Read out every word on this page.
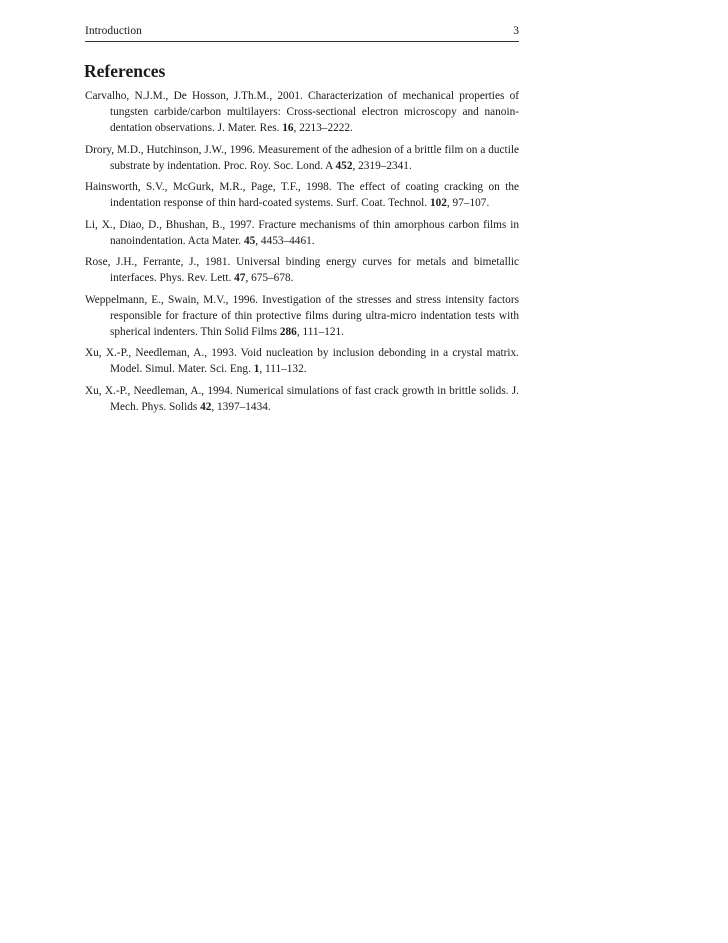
Introduction	3
References
Carvalho, N.J.M., De Hosson, J.Th.M., 2001. Characterization of mechanical properties of tungsten carbide/carbon multilayers: Cross-sectional electron microscopy and nanoindentation observations. J. Mater. Res. 16, 2213–2222.
Drory, M.D., Hutchinson, J.W., 1996. Measurement of the adhesion of a brittle film on a ductile substrate by indentation. Proc. Roy. Soc. Lond. A 452, 2319–2341.
Hainsworth, S.V., McGurk, M.R., Page, T.F., 1998. The effect of coating cracking on the indentation response of thin hard-coated systems. Surf. Coat. Technol. 102, 97–107.
Li, X., Diao, D., Bhushan, B., 1997. Fracture mechanisms of thin amorphous carbon films in nanoindentation. Acta Mater. 45, 4453–4461.
Rose, J.H., Ferrante, J., 1981. Universal binding energy curves for metals and bimetallic interfaces. Phys. Rev. Lett. 47, 675–678.
Weppelmann, E., Swain, M.V., 1996. Investigation of the stresses and stress intensity factors responsible for fracture of thin protective films during ultra-micro indentation tests with spherical indenters. Thin Solid Films 286, 111–121.
Xu, X.-P., Needleman, A., 1993. Void nucleation by inclusion debonding in a crystal matrix. Model. Simul. Mater. Sci. Eng. 1, 111–132.
Xu, X.-P., Needleman, A., 1994. Numerical simulations of fast crack growth in brittle solids. J. Mech. Phys. Solids 42, 1397–1434.
